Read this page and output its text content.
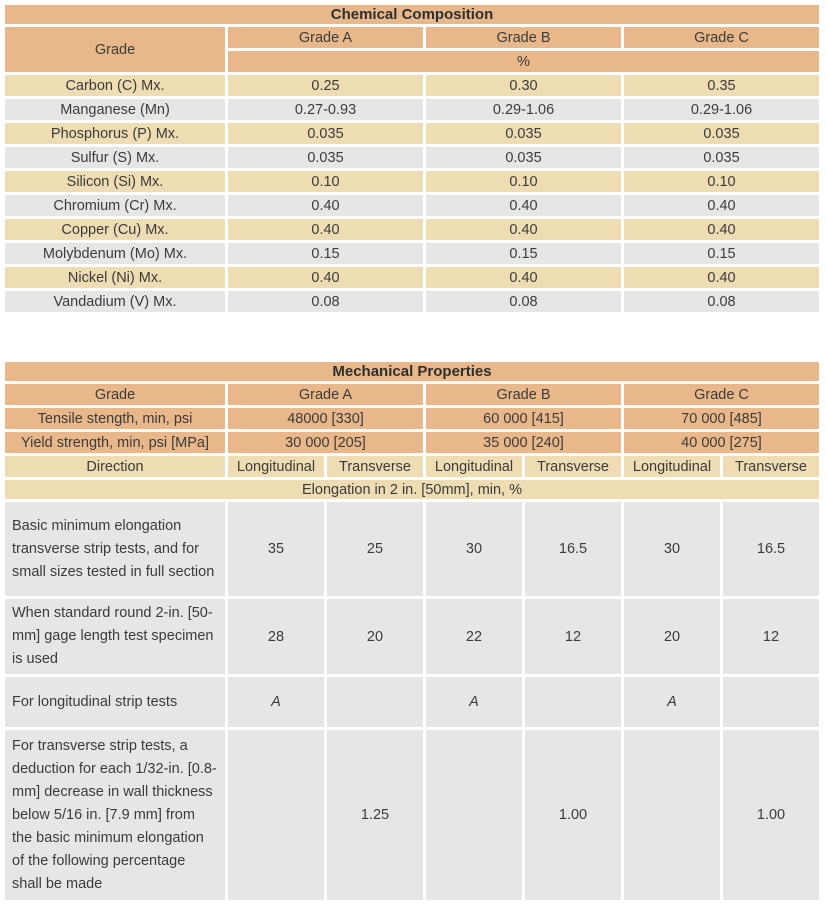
Chemical Composition			
Grade	Grade A	Grade B	Grade C
	%		
Carbon (C) Mx.	0.25	0.30	0.35
Manganese (Mn)	0.27-0.93	0.29-1.06	0.29-1.06
Phosphorus (P) Mx.	0.035	0.035	0.035
Sulfur (S) Mx.	0.035	0.035	0.035
Silicon (Si) Mx.	0.10	0.10	0.10
Chromium (Cr) Mx.	0.40	0.40	0.40
Copper (Cu) Mx.	0.40	0.40	0.40
Molybdenum (Mo) Mx.	0.15	0.15	0.15
Nickel (Ni) Mx.	0.40	0.40	0.40
Vandadium (V) Mx.	0.08	0.08	0.08
Mechanical Properties						
Grade	Grade A		Grade B		Grade C	
Tensile stength, min, psi	48000 [330]		60 000 [415]		70 000 [485]	
Yield strength, min, psi [MPa]	30 000 [205]		35 000 [240]		40 000 [275]	
Direction	Longitudinal	Transverse	Longitudinal	Transverse	Longitudinal	Transverse
Elongation in 2 in. [50mm], min, %						
Basic minimum elongation transverse strip tests, and for small sizes tested in full section	35	25	30	16.5	30	16.5
When standard round 2-in. [50-mm] gage length test specimen is used	28	20	22	12	20	12
For longitudinal strip tests	A		A		A	
For transverse strip tests, a deduction for each 1/32-in. [0.8-mm] decrease in wall thickness below 5/16 in. [7.9 mm] from the basic minimum elongation of the following percentage shall be made		1.25		1.00		1.00
